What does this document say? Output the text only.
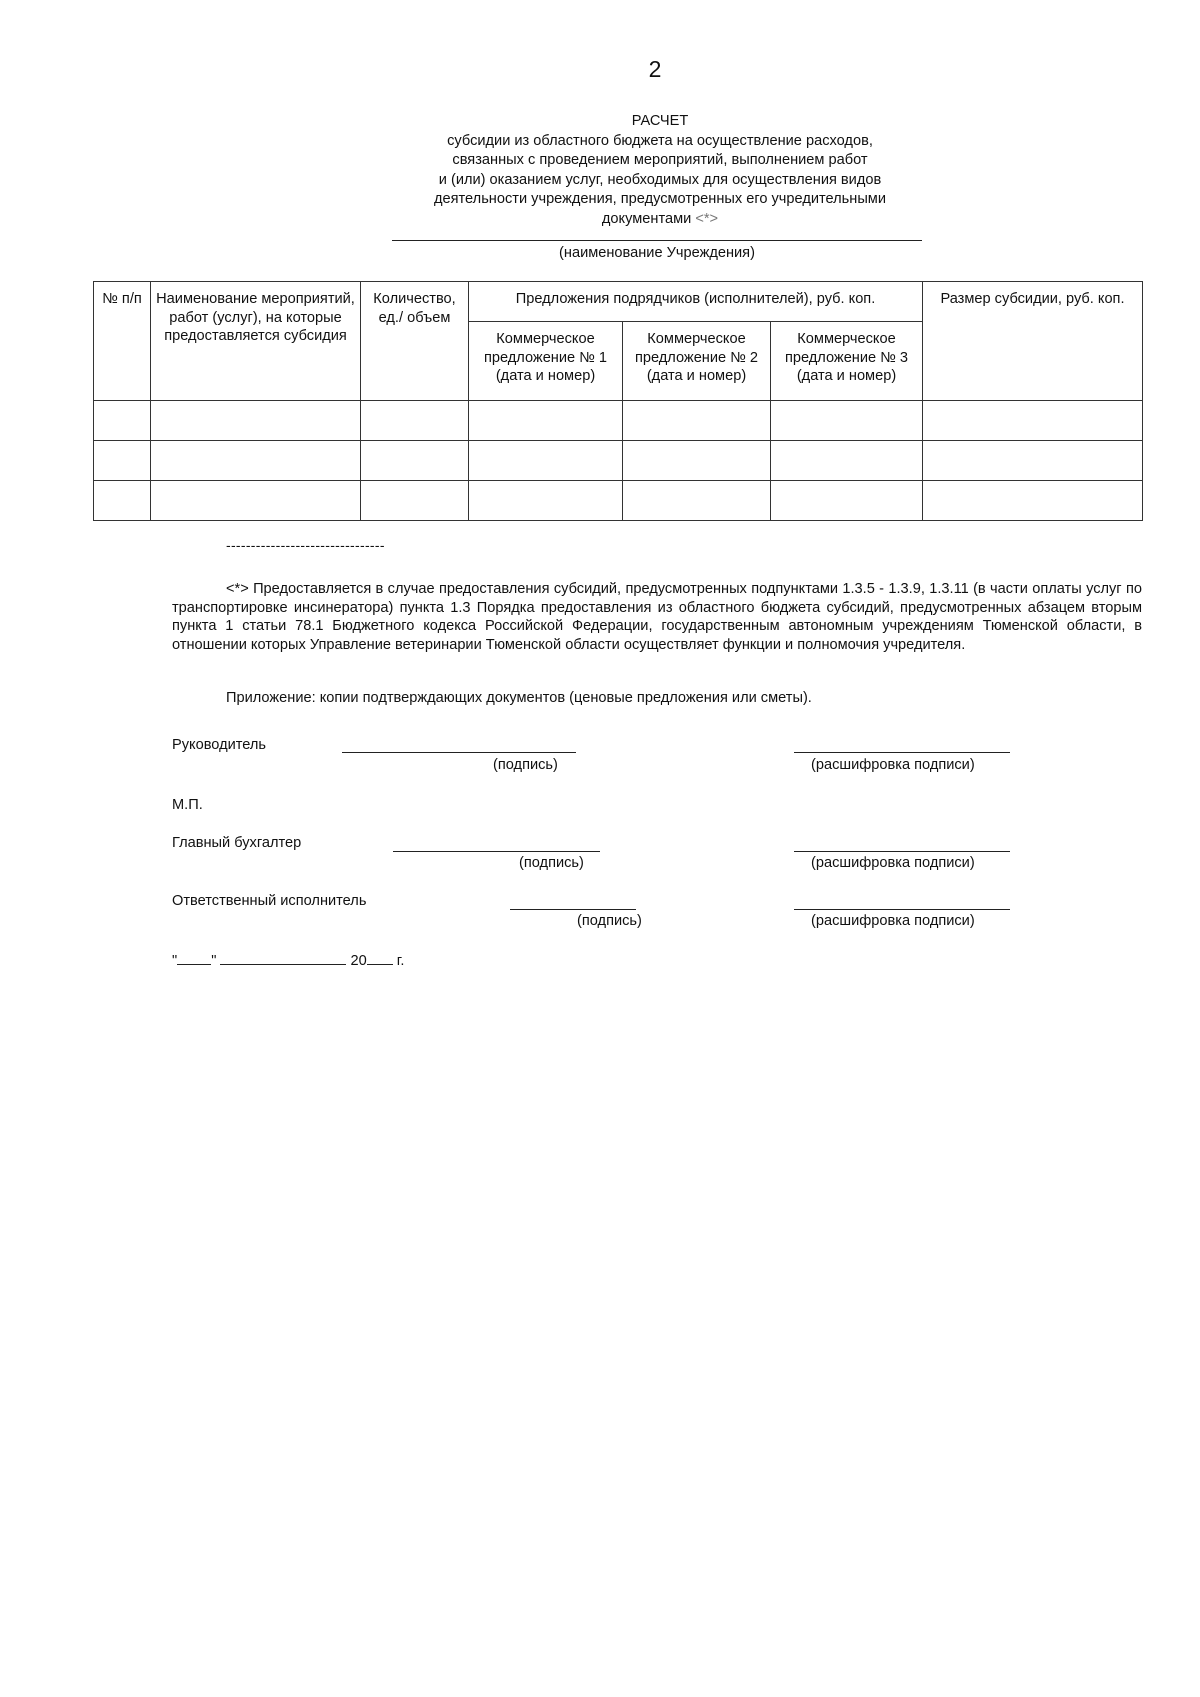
2
РАСЧЕТ
субсидии из областного бюджета на осуществление расходов,
связанных с проведением мероприятий, выполнением работ
и (или) оказанием услуг, необходимых для осуществления видов
деятельности учреждения, предусмотренных его учредительными
документами <*>
(наименование Учреждения)
№ п/п	Наименование мероприятий, работ (услуг), на которые предоставляется субсидия	Количество, ед./ объем	Предложения подрядчиков (исполнителей), руб. коп.			Размер субсидии, руб. коп.
			Коммерческое предложение № 1 (дата и номер)	Коммерческое предложение № 2 (дата и номер)	Коммерческое предложение № 3 (дата и номер)	

--------------------------------

<*> Предоставляется в случае предоставления субсидий, предусмотренных подпунктами 1.3.5 - 1.3.9, 1.3.11 (в части оплаты услуг по транспортировке инсинератора) пункта 1.3 Порядка предоставления из областного бюджета субсидий, предусмотренных абзацем вторым пункта 1 статьи 78.1 Бюджетного кодекса Российской Федерации, государственным автономным учреждениям Тюменской области, в отношении которых Управление ветеринарии Тюменской области осуществляет функции и полномочия учредителя.

Приложение: копии подтверждающих документов (ценовые предложения или сметы).
Руководитель
(подпись)	(расшифровка подписи)
М.П.
Главный бухгалтер
(подпись)	(расшифровка подписи)
Ответственный исполнитель
(подпись)	(расшифровка подписи)
" "	20 г.
